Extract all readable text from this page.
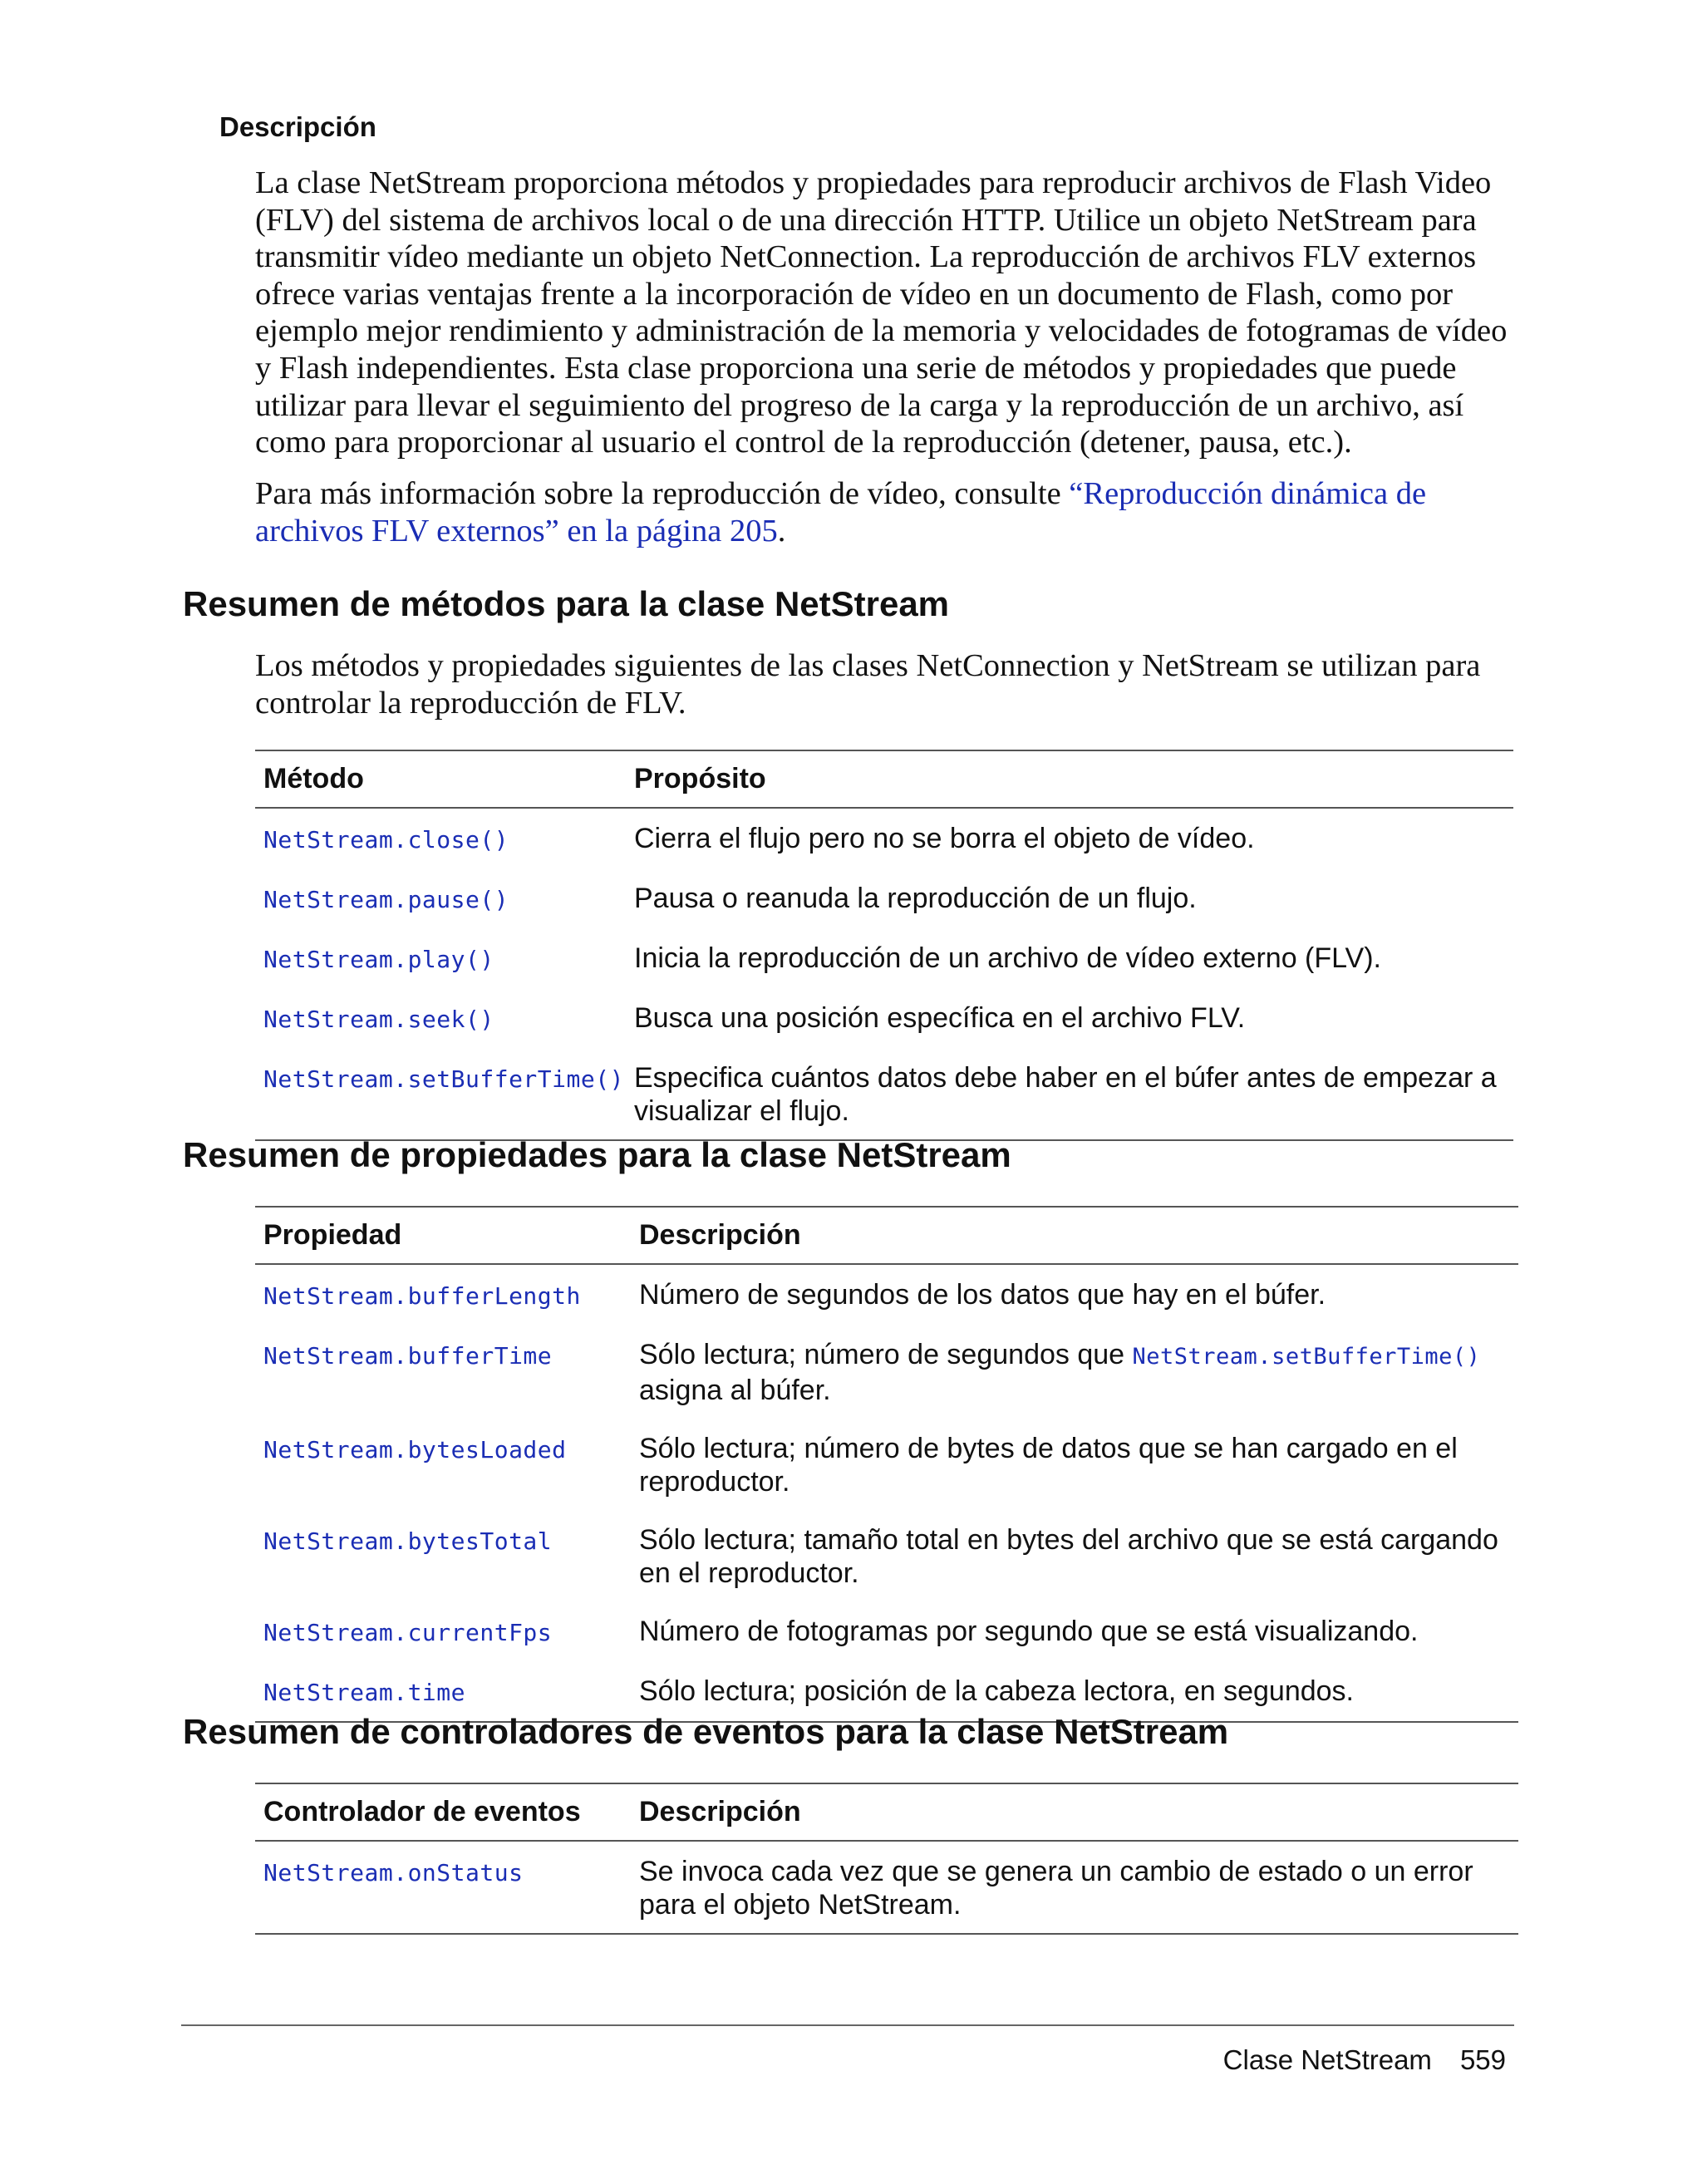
Descripción

La clase NetStream proporciona métodos y propiedades para reproducir archivos de Flash Video (FLV) del sistema de archivos local o de una dirección HTTP. Utilice un objeto NetStream para transmitir vídeo mediante un objeto NetConnection. La reproducción de archivos FLV externos ofrece varias ventajas frente a la incorporación de vídeo en un documento de Flash, como por ejemplo mejor rendimiento y administración de la memoria y velocidades de fotogramas de vídeo y Flash independientes. Esta clase proporciona una serie de métodos y propiedades que puede utilizar para llevar el seguimiento del progreso de la carga y la reproducción de un archivo, así como para proporcionar al usuario el control de la reproducción (detener, pausa, etc.).

Para más información sobre la reproducción de vídeo, consulte “Reproducción dinámica de archivos FLV externos” en la página 205.

Resumen de métodos para la clase NetStream

Los métodos y propiedades siguientes de las clases NetConnection y NetStream se utilizan para controlar la reproducción de FLV.

Método	Propósito
NetStream.close()	Cierra el flujo pero no se borra el objeto de vídeo.
NetStream.pause()	Pausa o reanuda la reproducción de un flujo.
NetStream.play()	Inicia la reproducción de un archivo de vídeo externo (FLV).
NetStream.seek()	Busca una posición específica en el archivo FLV.
NetStream.setBufferTime()	Especifica cuántos datos debe haber en el búfer antes de empezar a visualizar el flujo.
Resumen de propiedades para la clase NetStream
Propiedad	Descripción
NetStream.bufferLength	Número de segundos de los datos que hay en el búfer.
NetStream.bufferTime	Sólo lectura; número de segundos que NetStream.setBufferTime() asigna al búfer.
NetStream.bytesLoaded	Sólo lectura; número de bytes de datos que se han cargado en el reproductor.
NetStream.bytesTotal	Sólo lectura; tamaño total en bytes del archivo que se está cargando en el reproductor.
NetStream.currentFps	Número de fotogramas por segundo que se está visualizando.
NetStream.time	Sólo lectura; posición de la cabeza lectora, en segundos.
Resumen de controladores de eventos para la clase NetStream
Controlador de eventos	Descripción
NetStream.onStatus	Se invoca cada vez que se genera un cambio de estado o un error para el objeto NetStream.
Clase NetStream 559
